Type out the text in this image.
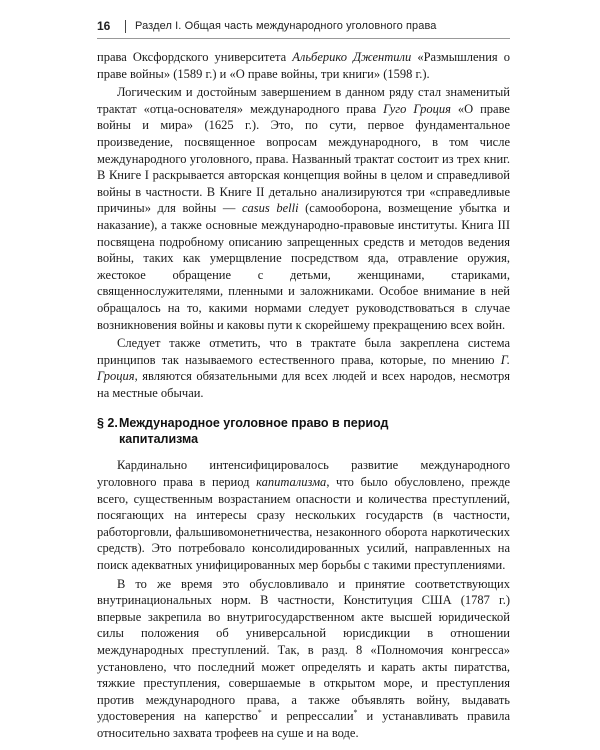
16	Раздел I. Общая часть международного уголовного права

права Оксфордского университета Альберико Джентили «Размышления о праве войны» (1589 г.) и «О праве войны, три книги» (1598 г.).

Логическим и достойным завершением в данном ряду стал знаменитый трактат «отца-основателя» международного права Гуго Гроция «О праве войны и мира» (1625 г.). Это, по сути, первое фундаментальное произведение, посвященное вопросам международного, в том числе международного уголовного, права. Названный трактат состоит из трех книг. В Книге I раскрывается авторская концепция войны в целом и справедливой войны в частности. В Книге II детально анализируются три «справедливые причины» для войны — casus belli (самооборона, возмещение убытка и наказание), а также основные международно-правовые институты. Книга III посвящена подробному описанию запрещенных средств и методов ведения войны, таких как умерщвление посредством яда, отравление оружия, жестокое обращение с детьми, женщинами, стариками, священнослужителями, пленными и заложниками. Особое внимание в ней обращалось на то, какими нормами следует руководствоваться в случае возникновения войны и каковы пути к скорейшему прекращению всех войн.

Следует также отметить, что в трактате была закреплена система принципов так называемого естественного права, которые, по мнению Г. Гроция, являются обязательными для всех людей и всех народов, несмотря на местные обычаи.

§ 2.Международное уголовное право в период
капитализма

Кардинально интенсифицировалось развитие международного уголовного права в период капитализма, что было обусловлено, прежде всего, существенным возрастанием опасности и количества преступлений, посягающих на интересы сразу нескольких государств (в частности, работорговли, фальшивомонетничества, незаконного оборота наркотических средств). Это потребовало консолидированных усилий, направленных на поиск адекватных унифицированных мер борьбы с такими преступлениями.

В то же время это обусловливало и принятие соответствующих внутринациональных норм. В частности, Конституция США (1787 г.) впервые закрепила во внутригосударственном акте высшей юридической силы положения об универсальной юрисдикции в отношении международных преступлений. Так, в разд. 8 «Полномочия конгресса» установлено, что последний может определять и карать акты пиратства, тяжкие преступления, совершаемые в открытом море, и преступления против международного права, а также объявлять войну, выдавать удостоверения на каперство* и репрессалии* и устанавливать правила относительно захвата трофеев на суше и на воде.
